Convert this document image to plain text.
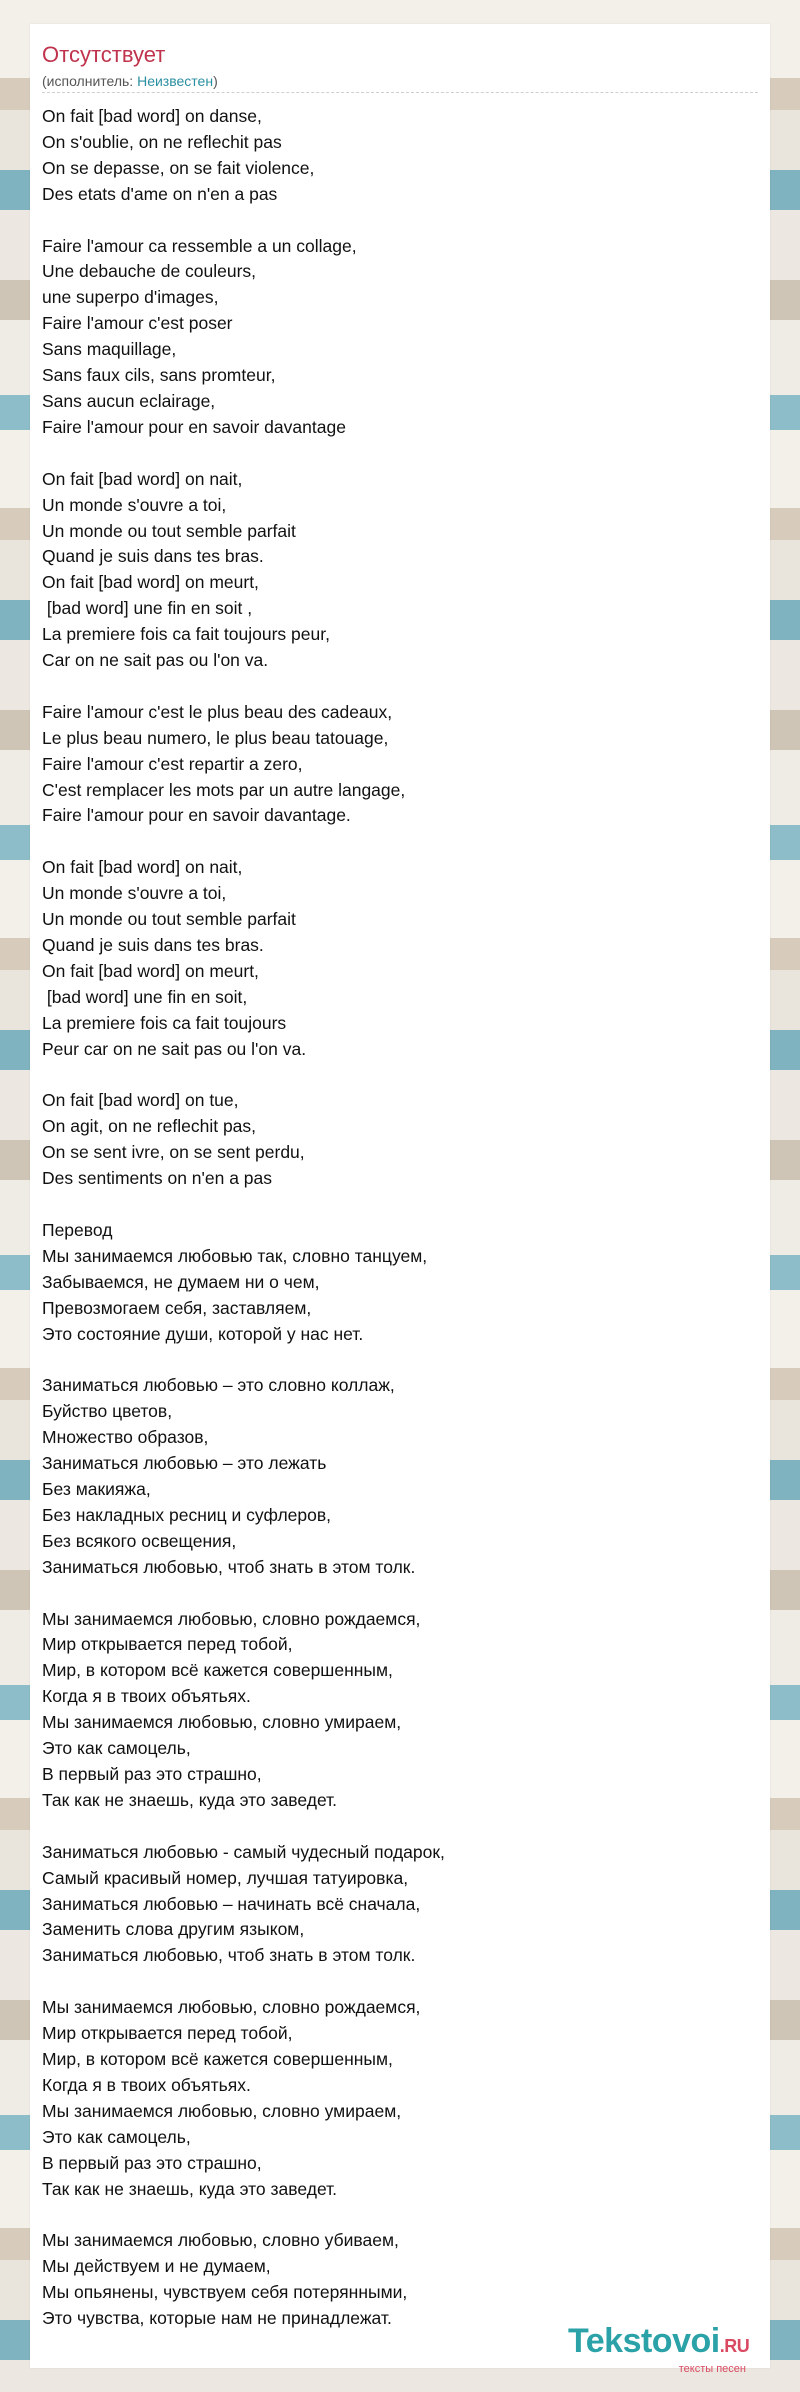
Отсутствует
(исполнитель: Неизвестен)
On fait [bad word] on danse,
On s'oublie, on ne reflechit pas
On se depasse, on se fait violence,
Des etats d'ame on n'en a pas

Faire l'amour ca ressemble a un collage,
Une debauche de couleurs,
une superpo d'images,
Faire l'amour c'est poser
Sans maquillage,
Sans faux cils, sans promteur,
Sans aucun eclairage,
Faire l'amour pour en savoir davantage

On fait [bad word] on nait,
Un monde s'ouvre a toi,
Un monde ou tout semble parfait
Quand je suis dans tes bras.
On fait [bad word] on meurt,
[bad word] une fin en soit ,
La premiere fois ca fait toujours peur,
Car on ne sait pas ou l'on va.

Faire l'amour c'est le plus beau des cadeaux,
Le plus beau numero, le plus beau tatouage,
Faire l'amour c'est repartir a zero,
C'est remplacer les mots par un autre langage,
Faire l'amour pour en savoir davantage.

On fait [bad word] on nait,
Un monde s'ouvre a toi,
Un monde ou tout semble parfait
Quand je suis dans tes bras.
On fait [bad word] on meurt,
[bad word] une fin en soit,
La premiere fois ca fait toujours
Peur car on ne sait pas ou l'on va.

On fait [bad word] on tue,
On agit, on ne reflechit pas,
On se sent ivre, on se sent perdu,
Des sentiments on n'en a pas

Перевод
Мы занимаемся любовью так, словно танцуем,
Забываемся, не думаем ни о чем,
Превозмогаем себя, заставляем,
Это состояние души, которой у нас нет.

Заниматься любовью – это словно коллаж,
Буйство цветов,
Множество образов,
Заниматься любовью – это лежать
Без макияжа,
Без накладных ресниц и суфлеров,
Без всякого освещения,
Заниматься любовью, чтоб знать в этом толк.

Мы занимаемся любовью, словно рождаемся,
Мир открывается перед тобой,
Мир, в котором всё кажется совершенным,
Когда я в твоих объятьях.
Мы занимаемся любовью, словно умираем,
Это как самоцель,
В первый раз это страшно,
Так как не знаешь, куда это заведет.

Заниматься любовью - самый чудесный подарок,
Самый красивый номер, лучшая татуировка,
Заниматься любовью – начинать всё сначала,
Заменить слова другим языком,
Заниматься любовью, чтоб знать в этом толк.

Мы занимаемся любовью, словно рождаемся,
Мир открывается перед тобой,
Мир, в котором всё кажется совершенным,
Когда я в твоих объятьях.
Мы занимаемся любовью, словно умираем,
Это как самоцель,
В первый раз это страшно,
Так как не знаешь, куда это заведет.

Мы занимаемся любовью, словно убиваем,
Мы действуем и не думаем,
Мы опьянены, чувствуем себя потерянными,
Это чувства, которые нам не принадлежат.
Tekstovoi.RU
тексты песен
